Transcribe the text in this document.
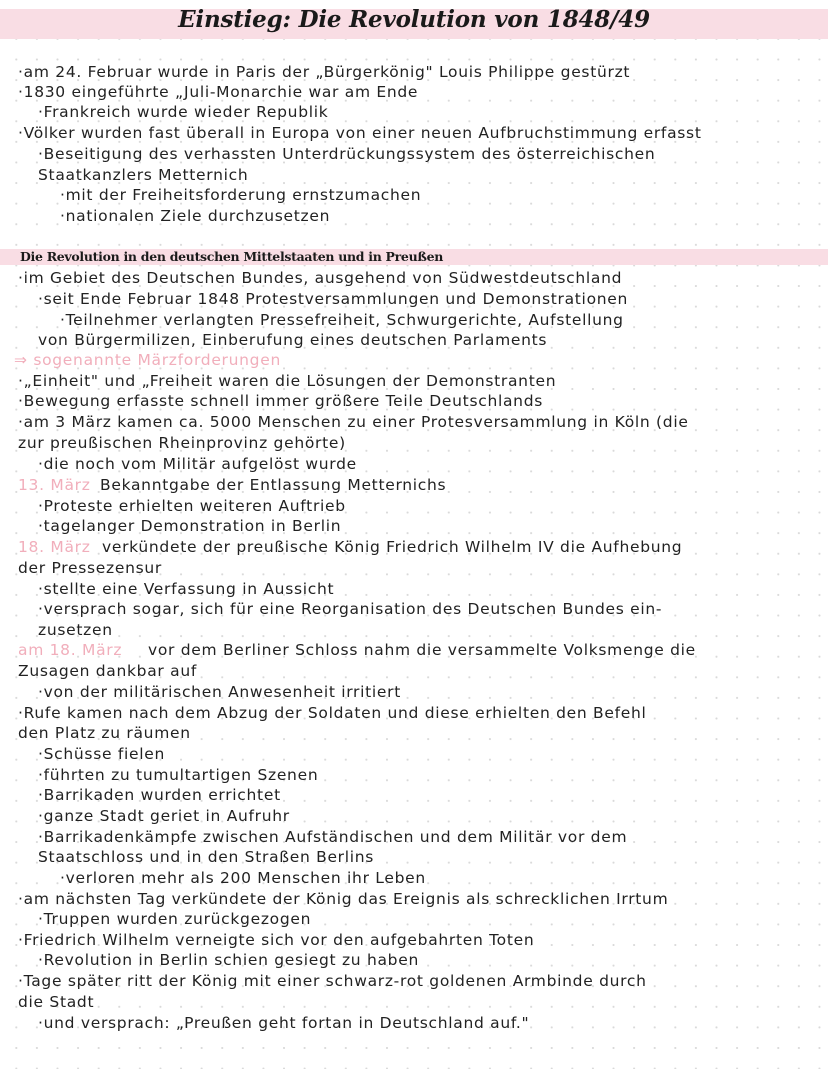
Einstieg: Die Revolution von 1848/49
·am 24. Februar wurde in Paris der „Bürgerkönig" Louis Philippe gestürzt
·1830 eingeführte „Juli-Monarchie war am Ende
·Frankreich wurde wieder Republik
·Völker wurden fast überall in Europa von einer neuen Aufbruchstimmung erfasst
·Beseitigung des verhassten Unterdrückungssystem des österreichischen
Staatkanzlers Metternich
·mit der Freiheitsforderung ernstzumachen
·nationalen Ziele durchzusetzen
Die Revolution in den deutschen Mittelstaaten und in Preußen
·im Gebiet des Deutschen Bundes, ausgehend von Südwestdeutschland
·seit Ende Februar 1848 Protestversammlungen und Demonstrationen
·Teilnehmer verlangten Pressefreiheit, Schwurgerichte, Aufstellung
von Bürgermilizen, Einberufung eines deutschen Parlaments
⇒ sogenannte Märzforderungen
·„Einheit" und „Freiheit waren die Lösungen der Demonstranten
·Bewegung erfasste schnell immer größere Teile Deutschlands
·am 3 März kamen ca. 5000 Menschen zu einer Protesversammlung in Köln (die
zur preußischen Rheinprovinz gehörte)
·die noch vom Militär aufgelöst wurde
13. März Bekanntgabe der Entlassung Metternichs
·Proteste erhielten weiteren Auftrieb
·tagelanger Demonstration in Berlin
18. März verkündete der preußische König Friedrich Wilhelm IV die Aufhebung
der Pressezensur
·stellte eine Verfassung in Aussicht
·versprach sogar, sich für eine Reorganisation des Deutschen Bundes ein-
zusetzen
am 18. März vor dem Berliner Schloss nahm die versammelte Volksmenge die
Zusagen dankbar auf
·von der militärischen Anwesenheit irritiert
·Rufe kamen nach dem Abzug der Soldaten und diese erhielten den Befehl
den Platz zu räumen
·Schüsse fielen
·führten zu tumultartigen Szenen
·Barrikaden wurden errichtet
·ganze Stadt geriet in Aufruhr
·Barrikadenkämpfe zwischen Aufständischen und dem Militär vor dem
Staatschloss und in den Straßen Berlins
·verloren mehr als 200 Menschen ihr Leben
·am nächsten Tag verkündete der König das Ereignis als schrecklichen Irrtum
·Truppen wurden zurückgezogen
·Friedrich Wilhelm verneigte sich vor den aufgebahrten Toten
·Revolution in Berlin schien gesiegt zu haben
·Tage später ritt der König mit einer schwarz-rot goldenen Armbinde durch
die Stadt
·und versprach: „Preußen geht fortan in Deutschland auf."
